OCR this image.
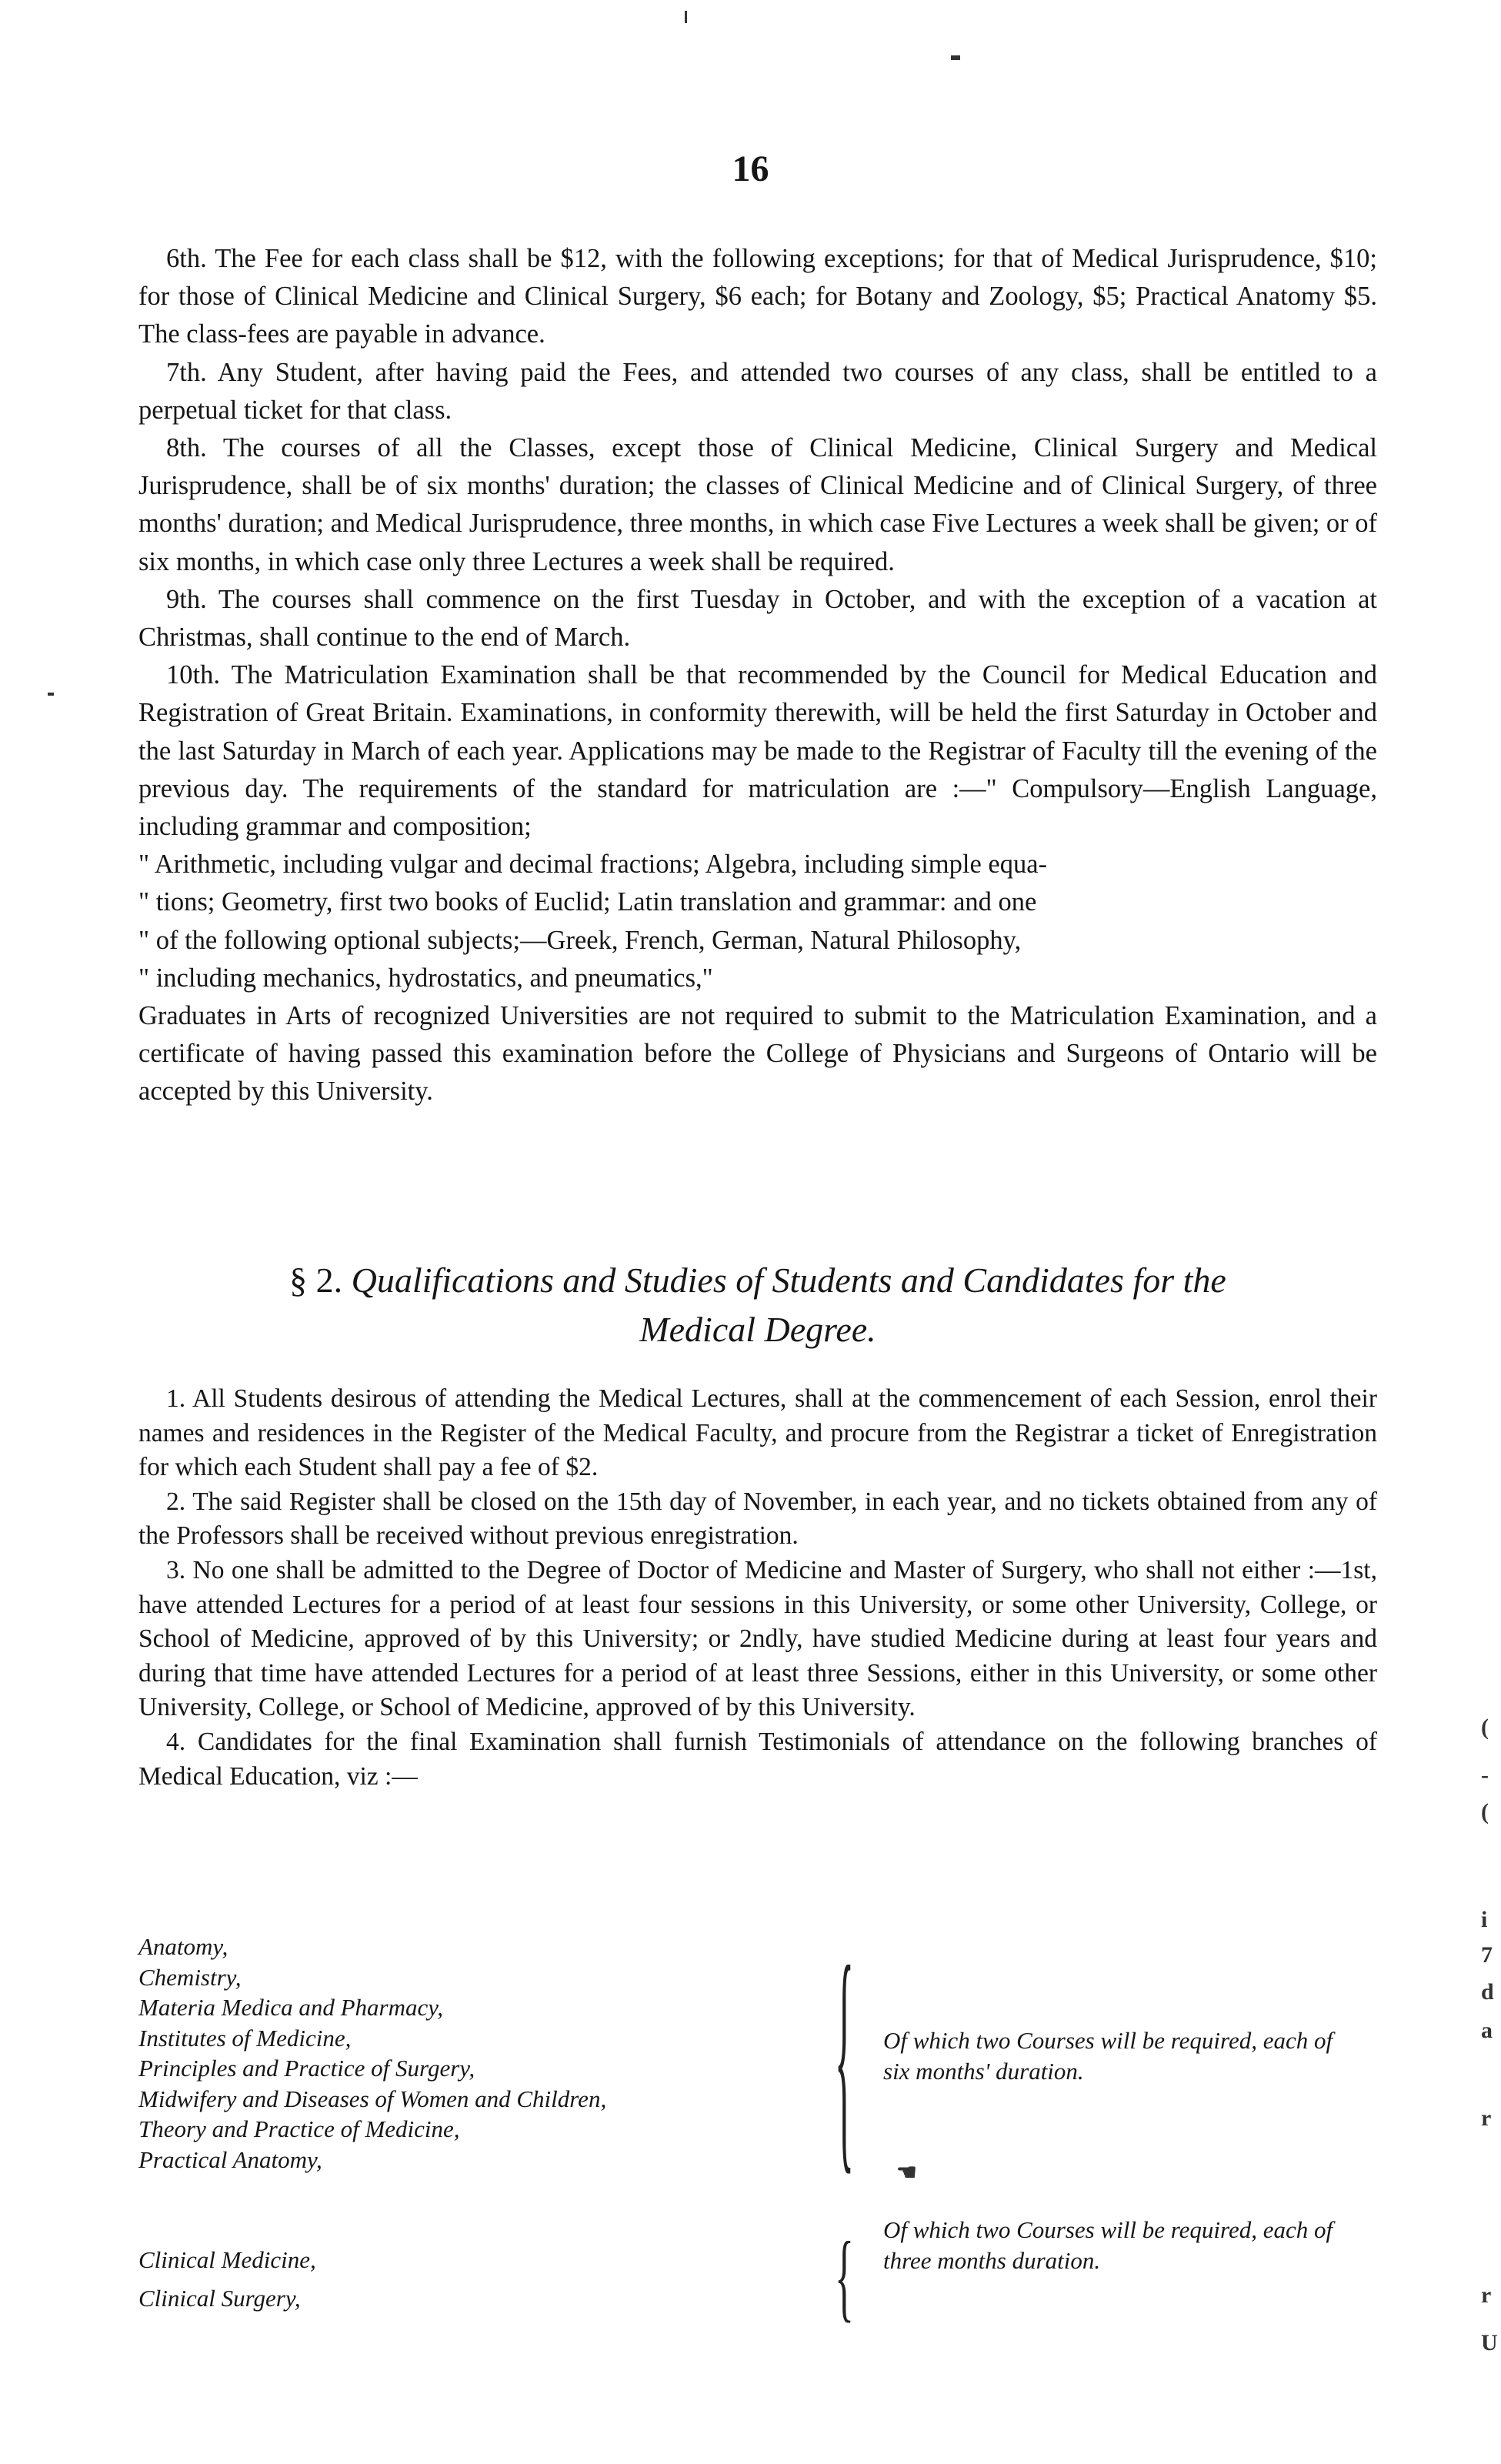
16

6th. The Fee for each class shall be $12, with the following exceptions; for that of Medical Jurisprudence, $10; for those of Clinical Medicine and Clinical Surgery, $6 each; for Botany and Zoology, $5; Practical Anatomy $5. The class-fees are payable in advance.

7th. Any Student, after having paid the Fees, and attended two courses of any class, shall be entitled to a perpetual ticket for that class.

8th. The courses of all the Classes, except those of Clinical Medicine, Clinical Surgery and Medical Jurisprudence, shall be of six months' duration; the classes of Clinical Medicine and of Clinical Surgery, of three months' duration; and Medical Jurisprudence, three months, in which case Five Lectures a week shall be given; or of six months, in which case only three Lectures a week shall be required.

9th. The courses shall commence on the first Tuesday in October, and with the exception of a vacation at Christmas, shall continue to the end of March.

10th. The Matriculation Examination shall be that recommended by the Council for Medical Education and Registration of Great Britain. Examinations, in conformity therewith, will be held the first Saturday in October and the last Saturday in March of each year. Applications may be made to the Registrar of Faculty till the evening of the previous day. The requirements of the standard for matriculation are :—" Compulsory—English Language, including grammar and composition;

" Arithmetic, including vulgar and decimal fractions; Algebra, including simple equa-
" tions; Geometry, first two books of Euclid; Latin translation and grammar: and one
" of the following optional subjects;—Greek, French, German, Natural Philosophy,
" including mechanics, hydrostatics, and pneumatics,"

Graduates in Arts of recognized Universities are not required to submit to the Matriculation Examination, and a certificate of having passed this examination before the College of Physicians and Surgeons of Ontario will be accepted by this University.

§ 2. Qualifications and Studies of Students and Candidates for the
Medical Degree.

1. All Students desirous of attending the Medical Lectures, shall at the commencement of each Session, enrol their names and residences in the Register of the Medical Faculty, and procure from the Registrar a ticket of Enregistration for which each Student shall pay a fee of $2.

2. The said Register shall be closed on the 15th day of November, in each year, and no tickets obtained from any of the Professors shall be received without previous enregistration.

3. No one shall be admitted to the Degree of Doctor of Medicine and Master of Surgery, who shall not either :—1st, have attended Lectures for a period of at least four sessions in this University, or some other University, College, or School of Medicine, approved of by this University; or 2ndly, have studied Medicine during at least four years and during that time have attended Lectures for a period of at least three Sessions, either in this University, or some other University, College, or School of Medicine, approved of by this University.

4. Candidates for the final Examination shall furnish Testimonials of attendance on the following branches of Medical Education, viz :—

Anatomy,
Chemistry,
Materia Medica and Pharmacy,
Institutes of Medicine,
Principles and Practice of Surgery,
Midwifery and Diseases of Women and Children,
Theory and Practice of Medicine,
Practical Anatomy,	{ Of which two Courses will be required, each of six months' duration.

☚
Clinical Medicine,
Clinical Surgery,	{ Of which two Courses will be required, each of three months duration.

(
-
(
i
7
d
a
r
r
U
